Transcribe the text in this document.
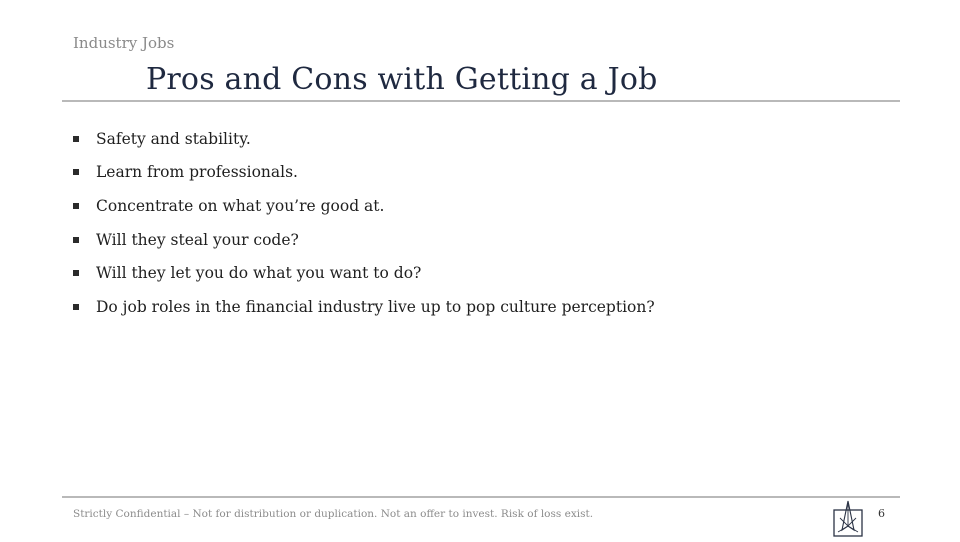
Industry Jobs
Pros and Cons with Getting a Job
Safety and stability.
Learn from professionals.
Concentrate on what you’re good at.
Will they steal your code?
Will they let you do what you want to do?
Do job roles in the financial industry live up to pop culture perception?
Strictly Confidential – Not for distribution or duplication. Not an offer to invest. Risk of loss exist.	6
